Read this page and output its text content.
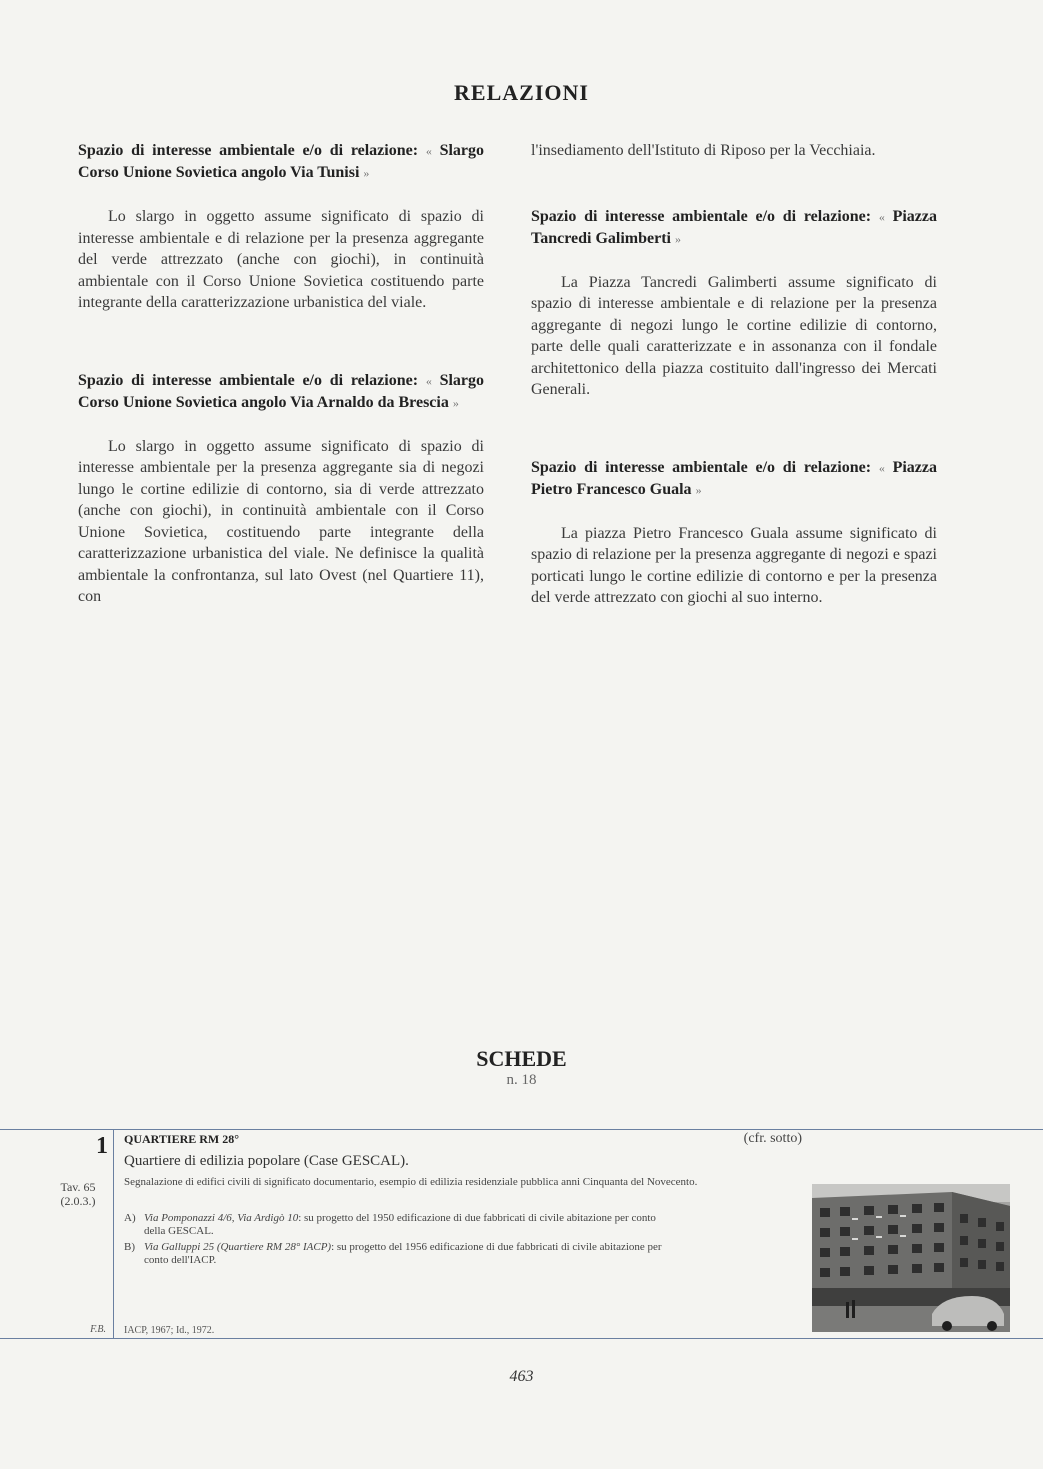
RELAZIONI

Spazio di interesse ambientale e/o di relazione: « Slargo Corso Unione Sovietica angolo Via Tunisi »

Lo slargo in oggetto assume significato di spazio di interesse ambientale e di relazione per la presenza aggregante del verde attrezzato (anche con giochi), in continuità ambientale con il Corso Unione Sovietica costituendo parte integrante della caratterizzazione urbanistica del viale.

Spazio di interesse ambientale e/o di relazione: « Slargo Corso Unione Sovietica angolo Via Arnaldo da Brescia »

Lo slargo in oggetto assume significato di spazio di interesse ambientale per la presenza aggregante sia di negozi lungo le cortine edilizie di contorno, sia di verde attrezzato (anche con giochi), in continuità ambientale con il Corso Unione Sovietica, costituendo parte integrante della caratterizzazione urbanistica del viale. Ne definisce la qualità ambientale la confrontanza, sul lato Ovest (nel Quartiere 11), con

l'insediamento dell'Istituto di Riposo per la Vecchiaia.

Spazio di interesse ambientale e/o di relazione: « Piazza Tancredi Galimberti »

La Piazza Tancredi Galimberti assume significato di spazio di interesse ambientale e di relazione per la presenza aggregante di negozi lungo le cortine edilizie di contorno, parte delle quali caratterizzate e in assonanza con il fondale architettonico della piazza costituito dall'ingresso dei Mercati Generali.

Spazio di interesse ambientale e/o di relazione: « Piazza Pietro Francesco Guala »

La piazza Pietro Francesco Guala assume significato di spazio di relazione per la presenza aggregante di negozi e spazi porticati lungo le cortine edilizie di contorno e per la presenza del verde attrezzato con giochi al suo interno.

SCHEDE
n. 18
1
Tav. 65
(2.0.3.)
F.B.
QUARTIERE RM 28°	(cfr. sotto)
Quartiere di edilizia popolare (Case GESCAL).
Segnalazione di edifici civili di significato documentario, esempio di edilizia residenziale pubblica anni Cinquanta del Novecento.
A) Via Pomponazzi 4/6, Via Ardigò 10: su progetto del 1950 edificazione di due fabbricati di civile abitazione per conto
della GESCAL.
B) Via Galluppi 25 (Quartiere RM 28° IACP): su progetto del 1956 edificazione di due fabbricati di civile abitazione per
conto dell'IACP.
IACP, 1967; Id., 1972.
463
